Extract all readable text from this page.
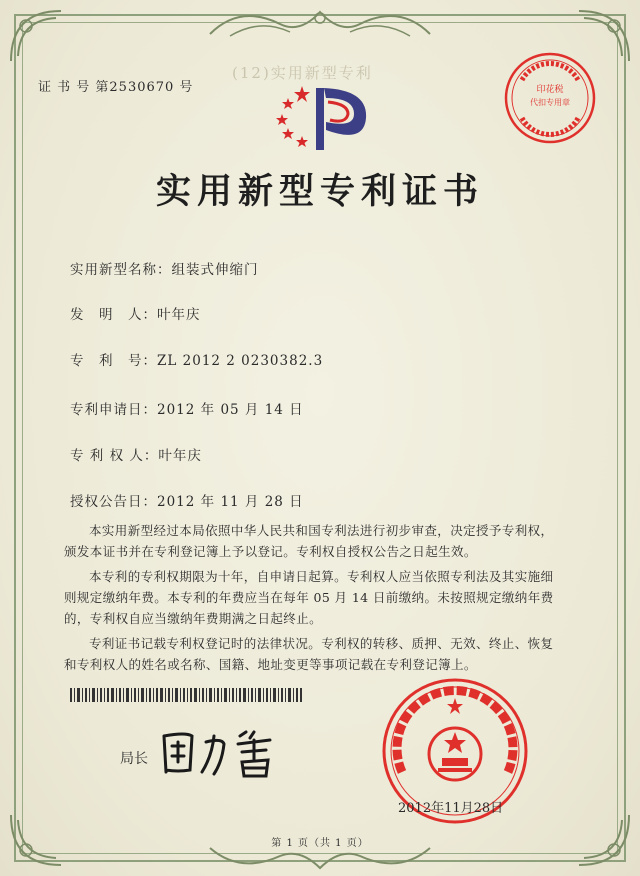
证 书 号 第2530670 号
(12)实用新型专利
印花税
代扣专用章
实用新型专利证书
实用新型名称：组装式伸缩门
发　明　人：叶年庆
专　利　号：ZL 2012 2 0230382.3
专利申请日：2012 年 05 月 14 日
专 利 权 人：叶年庆
授权公告日：2012 年 11 月 28 日

本实用新型经过本局依照中华人民共和国专利法进行初步审查，决定授予专利权，颁发本证书并在专利登记簿上予以登记。专利权自授权公告之日起生效。

本专利的专利权期限为十年，自申请日起算。专利权人应当依照专利法及其实施细则规定缴纳年费。本专利的年费应当在每年 05 月 14 日前缴纳。未按照规定缴纳年费的，专利权自应当缴纳年费期满之日起终止。

专利证书记载专利权登记时的法律状况。专利权的转移、质押、无效、终止、恢复和专利权人的姓名或名称、国籍、地址变更等事项记载在专利登记簿上。

局长
2012年11月28日
第 1 页（共 1 页）
